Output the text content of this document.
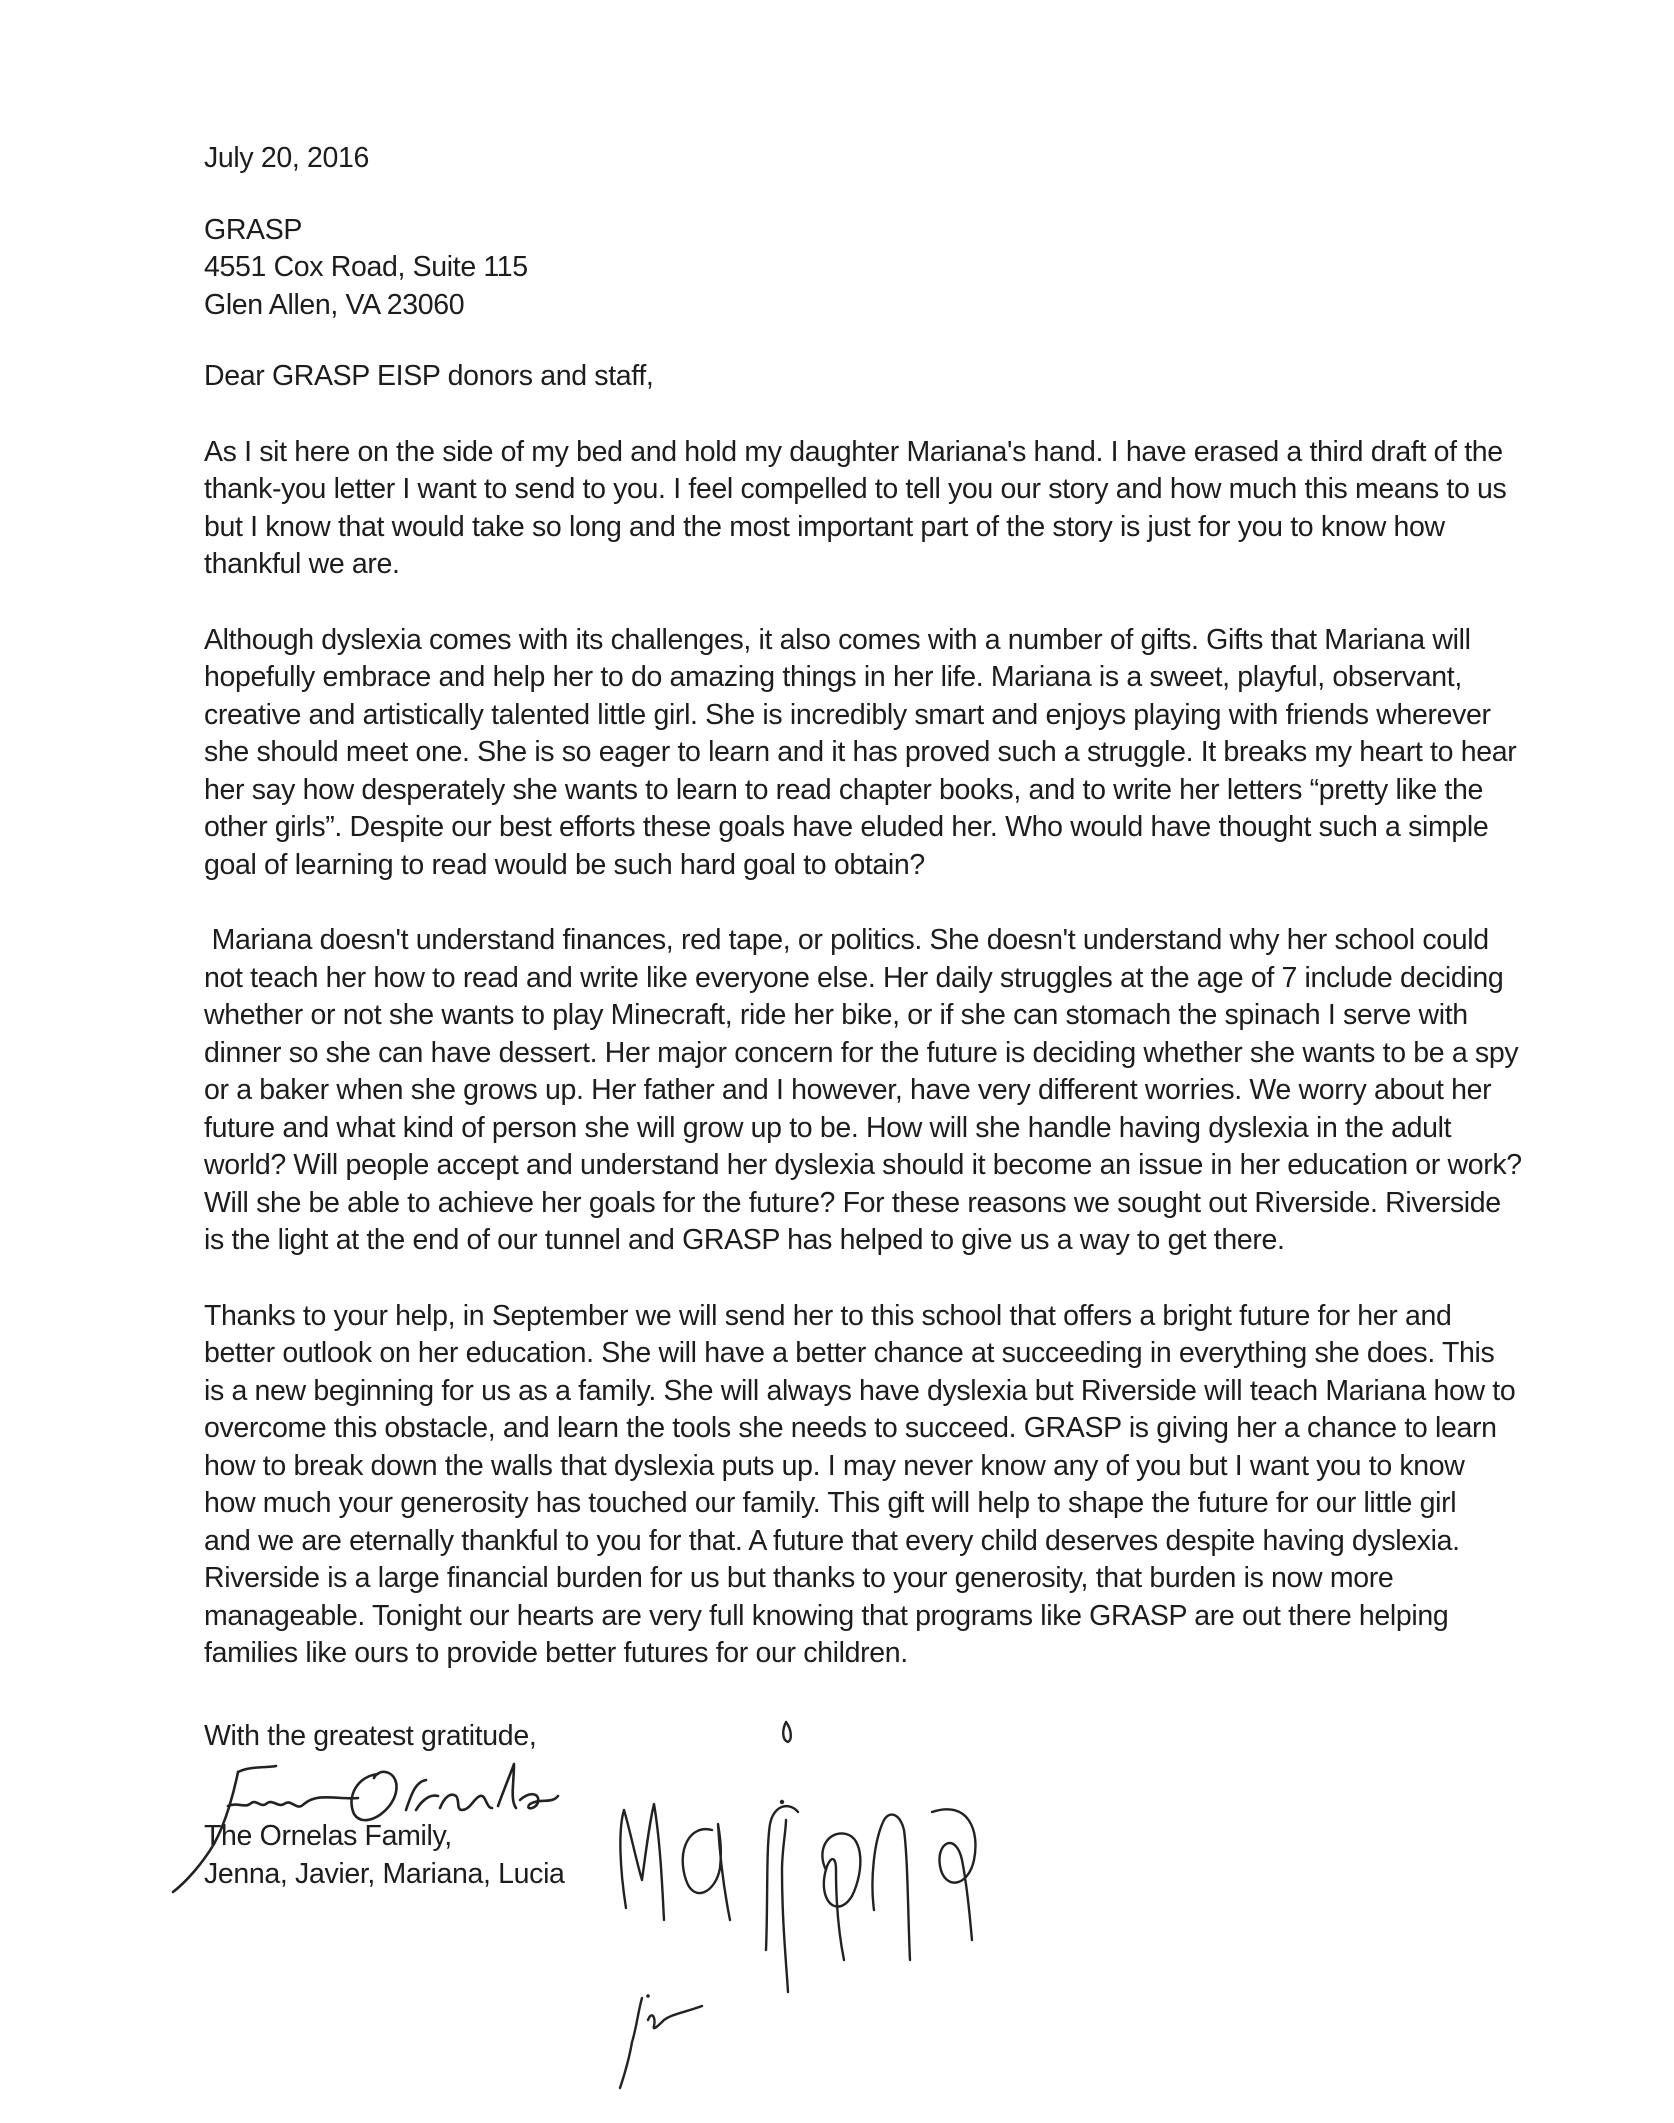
July 20, 2016
GRASP
4551 Cox Road, Suite 115
Glen Allen, VA 23060
Dear GRASP EISP donors and staff,
As I sit here on the side of my bed and hold my daughter Mariana's hand. I have erased a third draft of the
thank-you letter I want to send to you. I feel compelled to tell you our story and how much this means to us
but I know that would take so long and the most important part of the story is just for you to know how
thankful we are.
Although dyslexia comes with its challenges, it also comes with a number of gifts. Gifts that Mariana will
hopefully embrace and help her to do amazing things in her life. Mariana is a sweet, playful, observant,
creative and artistically talented little girl. She is incredibly smart and enjoys playing with friends wherever
she should meet one. She is so eager to learn and it has proved such a struggle. It breaks my heart to hear
her say how desperately she wants to learn to read chapter books, and to write her letters “pretty like the
other girls”. Despite our best efforts these goals have eluded her. Who would have thought such a simple
goal of learning to read would be such hard goal to obtain?
Mariana doesn't understand finances, red tape, or politics. She doesn't understand why her school could
not teach her how to read and write like everyone else. Her daily struggles at the age of 7 include deciding
whether or not she wants to play Minecraft, ride her bike, or if she can stomach the spinach I serve with
dinner so she can have dessert. Her major concern for the future is deciding whether she wants to be a spy
or a baker when she grows up. Her father and I however, have very different worries. We worry about her
future and what kind of person she will grow up to be. How will she handle having dyslexia in the adult
world? Will people accept and understand her dyslexia should it become an issue in her education or work?
Will she be able to achieve her goals for the future? For these reasons we sought out Riverside. Riverside
is the light at the end of our tunnel and GRASP has helped to give us a way to get there.
Thanks to your help, in September we will send her to this school that offers a bright future for her and
better outlook on her education. She will have a better chance at succeeding in everything she does. This
is a new beginning for us as a family. She will always have dyslexia but Riverside will teach Mariana how to
overcome this obstacle, and learn the tools she needs to succeed. GRASP is giving her a chance to learn
how to break down the walls that dyslexia puts up. I may never know any of you but I want you to know
how much your generosity has touched our family. This gift will help to shape the future for our little girl
and we are eternally thankful to you for that. A future that every child deserves despite having dyslexia.
Riverside is a large financial burden for us but thanks to your generosity, that burden is now more
manageable. Tonight our hearts are very full knowing that programs like GRASP are out there helping
families like ours to provide better futures for our children.
With the greatest gratitude,
The Ornelas Family,
Jenna, Javier, Mariana, Lucia
